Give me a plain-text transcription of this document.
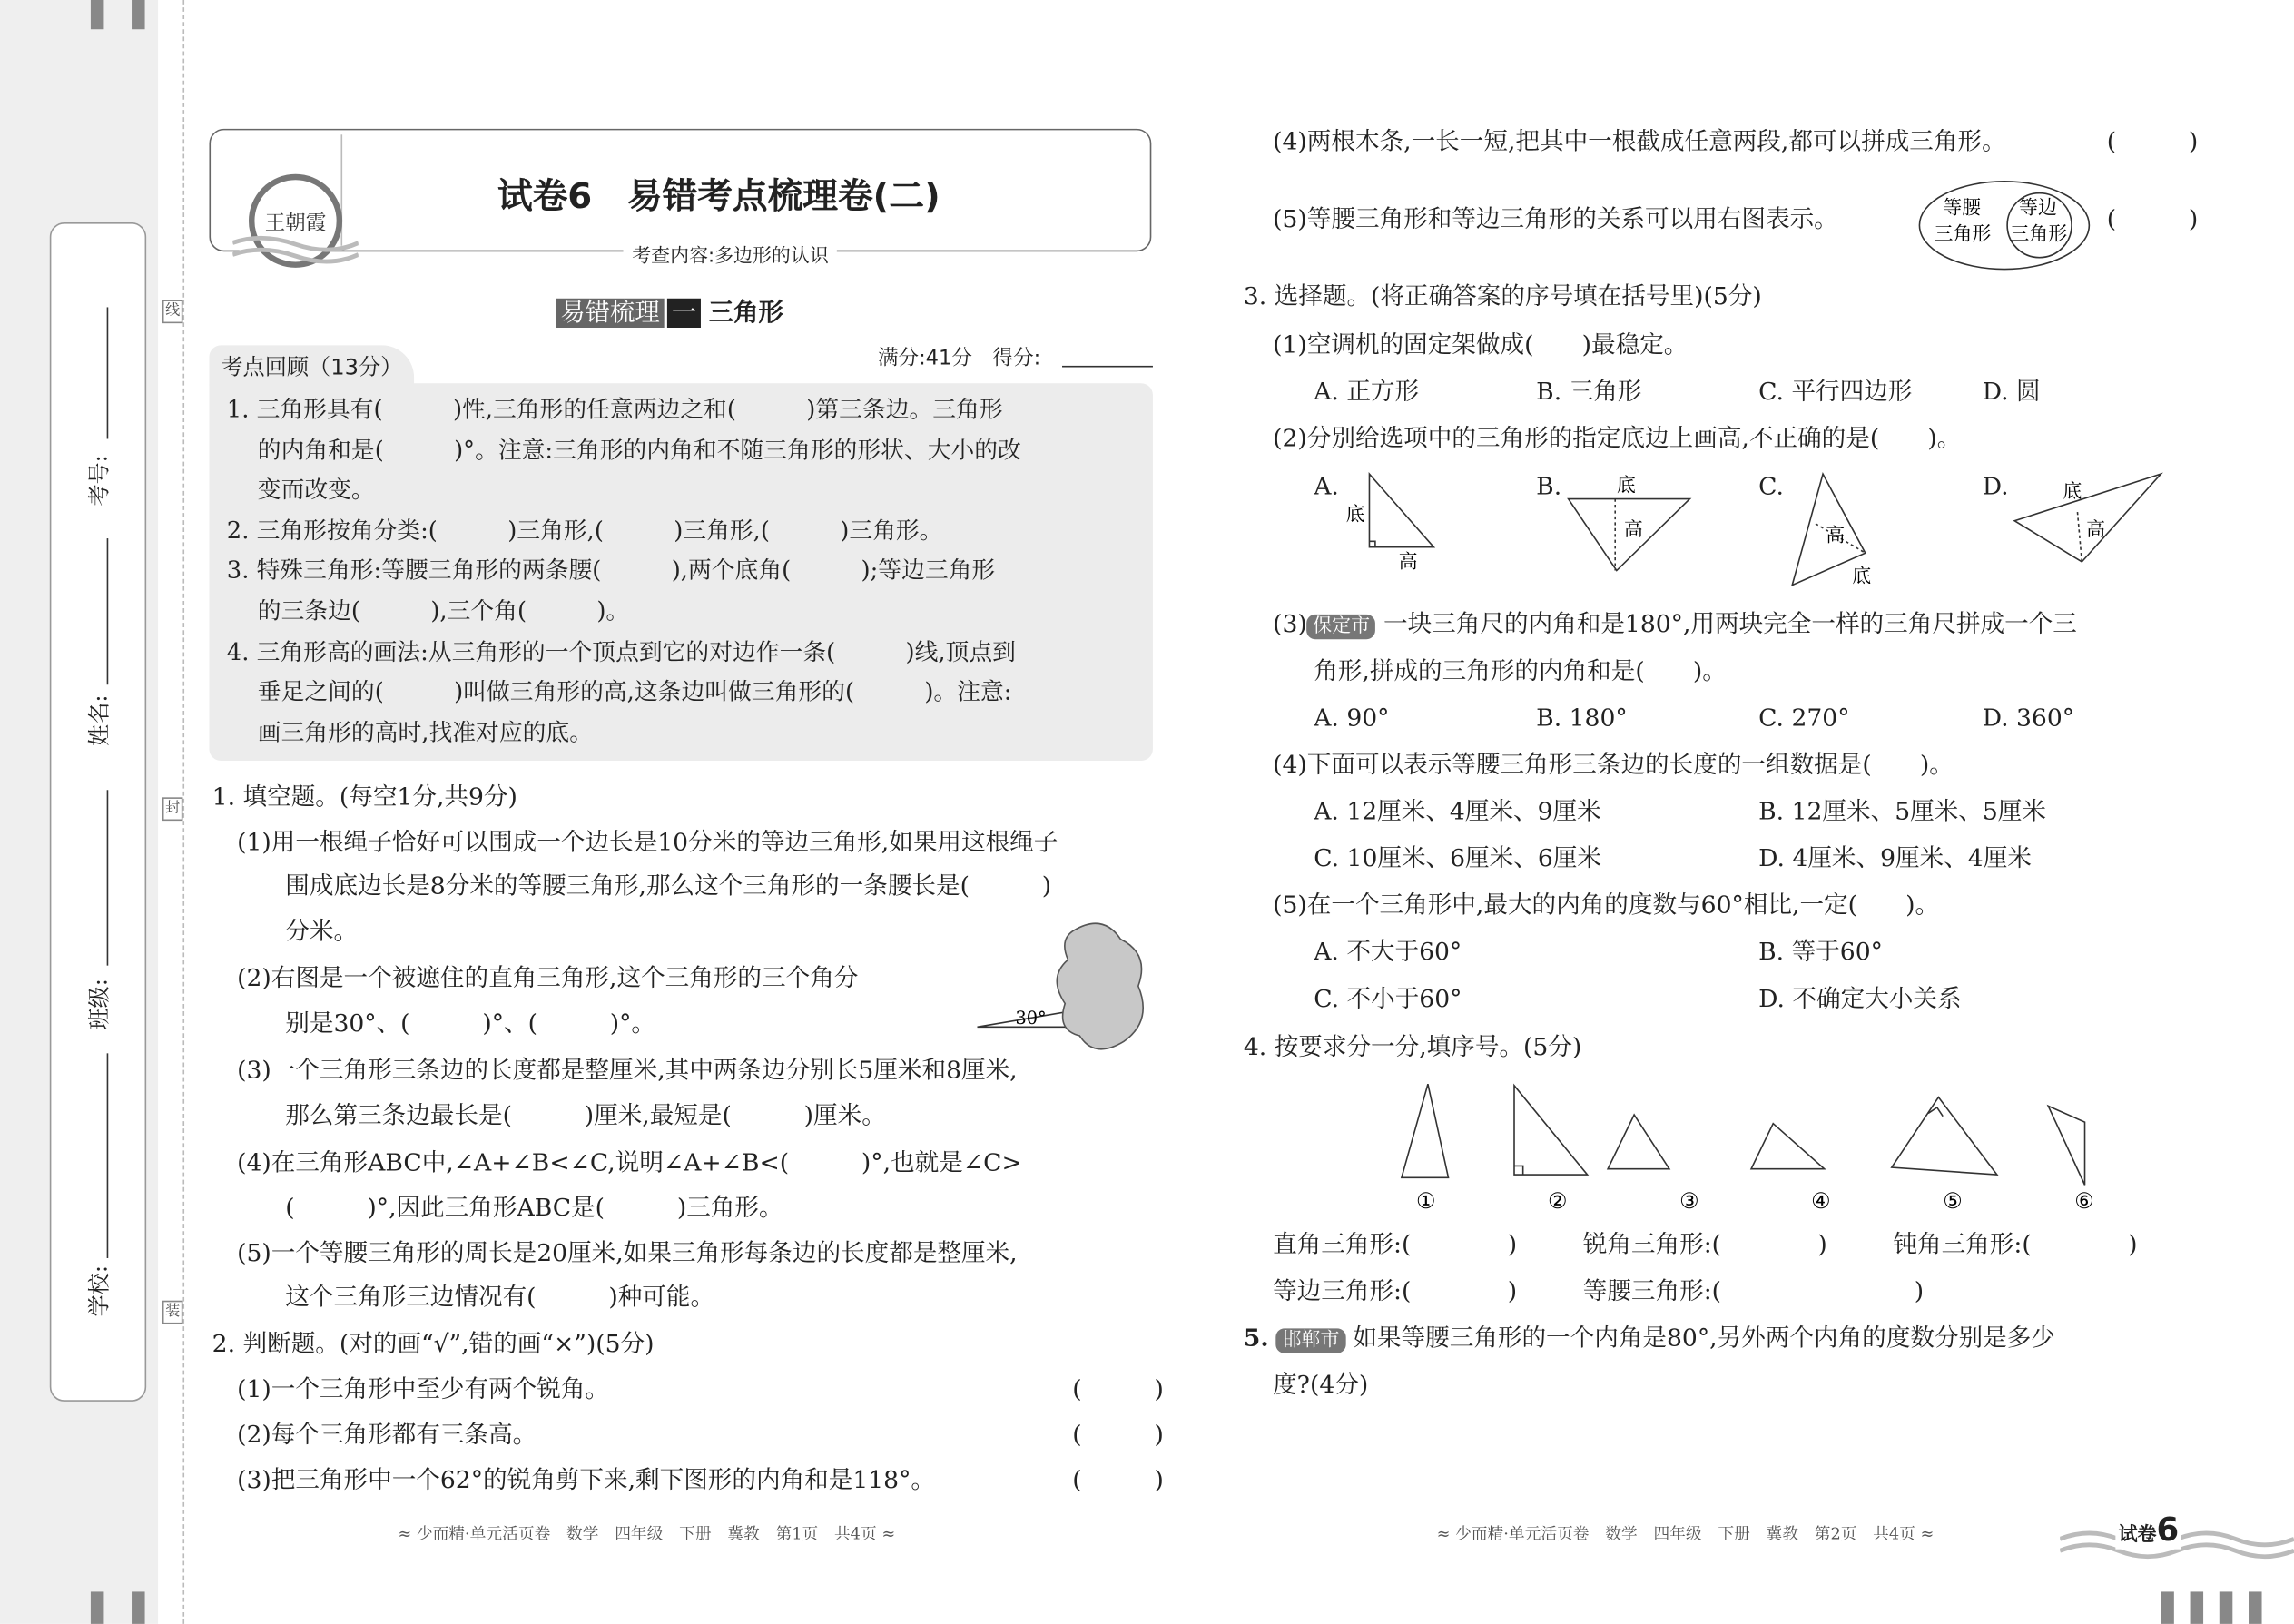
考号:
姓名:
班级:
学校:
线
封
装

王朝霞

试卷6　易错考点梳理卷(二)
考查内容:多边形的认识
易错梳理 一 三角形
考点回顾（13分）	满分:41分　得分:
1. 三角形具有(　　　)性,三角形的任意两边之和(　　　)第三条边。三角形
　 的内角和是(　　　)°。注意:三角形的内角和不随三角形的形状、大小的改
　 变而改变。
2. 三角形按角分类:(　　　)三角形,(　　　)三角形,(　　　)三角形。
3. 特殊三角形:等腰三角形的两条腰(　　　),两个底角(　　　);等边三角形
　 的三条边(　　　),三个角(　　　)。
4. 三角形高的画法:从三角形的一个顶点到它的对边作一条(　　　)线,顶点到
　 垂足之间的(　　　)叫做三角形的高,这条边叫做三角形的(　　　)。注意:
　 画三角形的高时,找准对应的底。
1. 填空题。(每空1分,共9分)
(1)用一根绳子恰好可以围成一个边长是10分米的等边三角形,如果用这根绳子
　　围成底边长是8分米的等腰三角形,那么这个三角形的一条腰长是(　　　)
　　分米。
(2)右图是一个被遮住的直角三角形,这个三角形的三个角分
　　别是30°、(　　　)°、(　　　)°。
(3)一个三角形三条边的长度都是整厘米,其中两条边分别长5厘米和8厘米,
　　那么第三条边最长是(　　　)厘米,最短是(　　　)厘米。
(4)在三角形ABC中,∠A+∠B<∠C,说明∠A+∠B<(　　　)°,也就是∠C>
　　(　　　)°,因此三角形ABC是(　　　)三角形。
(5)一个等腰三角形的周长是20厘米,如果三角形每条边的长度都是整厘米,
　　这个三角形三边情况有(　　　)种可能。
30°
2. 判断题。(对的画“√”,错的画“×”)(5分)
(1)一个三角形中至少有两个锐角。	(　　　)
(2)每个三角形都有三条高。	(　　　)
(3)把三角形中一个62°的锐角剪下来,剩下图形的内角和是118°。	(　　　)
(4)两根木条,一长一短,把其中一根截成任意两段,都可以拼成三角形。	(　　　)
(5)等腰三角形和等边三角形的关系可以用右图表示。	(　　　)
等腰
三角形
等边
三角形
3. 选择题。(将正确答案的序号填在括号里)(5分)
(1)空调机的固定架做成(　　)最稳定。
A. 正方形	B. 三角形	C. 平行四边形	D. 圆
(2)分别给选项中的三角形的指定底边上画高,不正确的是(　　)。
A.	B.	C.	D.
底
高
底
高	高
底
底
高
(3) 保定市 一块三角尺的内角和是180°,用两块完全一样的三角尺拼成一个三
角形,拼成的三角形的内角和是(　　)。
A. 90°	B. 180°	C. 270°	D. 360°
(4)下面可以表示等腰三角形三条边的长度的一组数据是(　　)。
A. 12厘米、4厘米、9厘米	B. 12厘米、5厘米、5厘米
C. 10厘米、6厘米、6厘米	D. 4厘米、9厘米、4厘米
(5)在一个三角形中,最大的内角的度数与60°相比,一定(　　)。
A. 不大于60°	B. 等于60°
C. 不小于60°	D. 不确定大小关系
4. 按要求分一分,填序号。(5分)
①	②	③	④	⑤	⑥
直角三角形:(　　　　)	锐角三角形:(　　　　)	钝角三角形:(　　　　)
等边三角形:(　　　　)	等腰三角形:(　　　　　　　　)
5. 邯郸市 如果等腰三角形的一个内角是80°,另外两个内角的度数分别是多少
度?(4分)
≈ 少而精·单元活页卷　数学　四年级　下册　冀教　第1页　共4页 ≈	≈ 少而精·单元活页卷　数学　四年级　下册　冀教　第2页　共4页 ≈	试卷6
